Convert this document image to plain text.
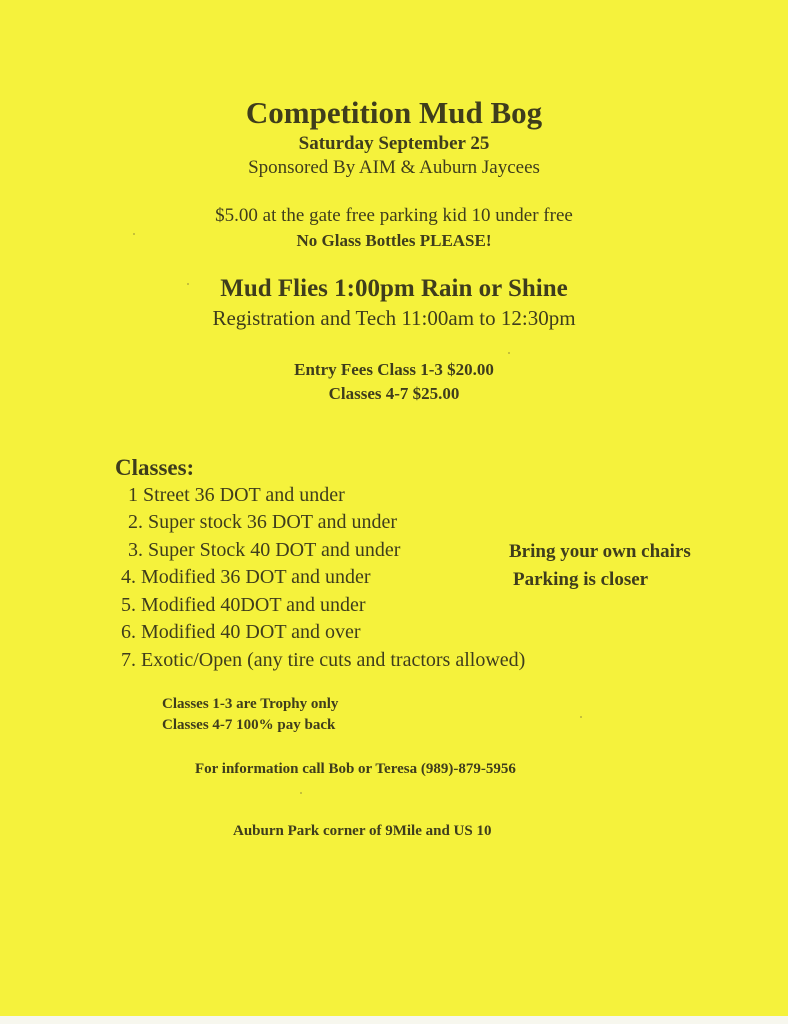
Competition Mud Bog
Saturday September 25
Sponsored By AIM & Auburn Jaycees
$5.00 at the gate free parking kid 10 under free
No Glass Bottles PLEASE!
Mud Flies 1:00pm Rain or Shine
Registration and Tech 11:00am to 12:30pm
Entry Fees Class 1-3 $20.00
Classes 4-7 $25.00
Classes:
1 Street 36 DOT and under
2. Super stock 36 DOT and under
3. Super Stock 40 DOT and under
4. Modified 36 DOT and under
5. Modified 40DOT and under
6. Modified 40 DOT and over
7. Exotic/Open (any tire cuts and tractors allowed)
Bring your own chairs
Parking is closer
Classes 1-3 are Trophy only
Classes 4-7 100% pay back
For information call Bob or Teresa (989)-879-5956
Auburn Park corner of 9Mile and US 10
